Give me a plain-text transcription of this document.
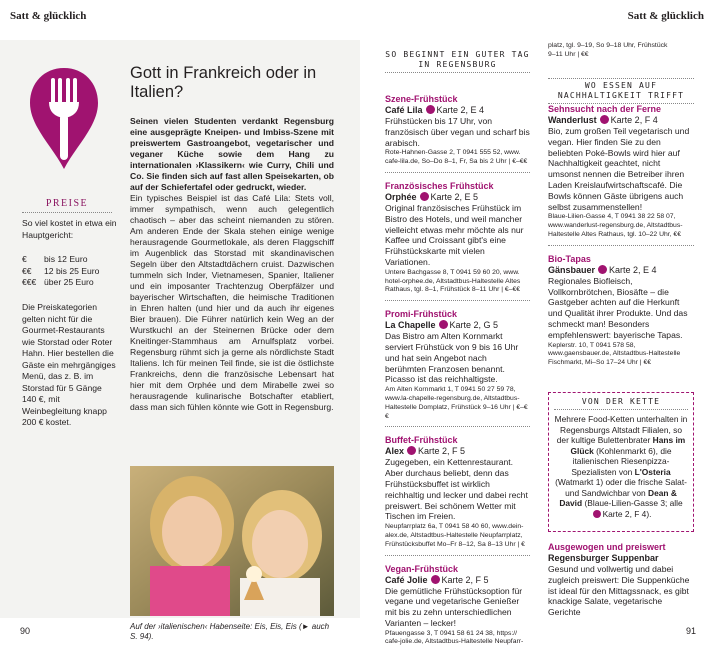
Satt & glücklich	Satt & glücklich
PREISE
So viel kostet in etwa ein Hauptgericht:
€	bis 12 Euro
€€	12 bis 25 Euro
€€€ über 25 Euro
Die Preiskategorien gelten nicht für die Gourmet-Restaurants wie Storstad oder Roter Hahn. Hier bestellen die Gäste ein mehrgängiges Menü, das z. B. im Storstad für 5 Gänge 140 €, mit Weinbegleitung knapp 200 € kostet.
Gott in Frankreich oder in Italien?
Seinen vielen Studenten verdankt Regensburg eine ausgeprägte Kneipen- und Imbiss-Szene mit preiswertem Gastroangebot, vegetarischer und veganer Küche sowie dem Hang zu internationalen ›Klassikern‹ wie Curry, Chili und Co. Sie finden sich auf fast allen Speisekarten, ob auf der Schiefertafel oder gedruckt, wieder.
Ein typisches Beispiel ist das Café Lila: Stets voll, immer sympathisch, wenn auch gelegentlich chaotisch – aber das scheint niemanden zu stören. Am anderen Ende der Skala stehen einige wenige herausragende Gourmetlokale, als deren Flaggschiff im Augenblick das Storstad mit skandinavischen Segeln über den Altstadtdächern cruist. Dazwischen tummeln sich Inder, Vietnamesen, Spanier, Italiener und ein imposanter Trachtenzug Oberpfälzer und bayerischer Wirtschaften, die heimische Traditionen in Ehren halten (und hier und da auch ihr eigenes Bier brauen). Die Führer natürlich kein Weg an der Wurstkuchl an der Steinernen Brücke oder dem Kneitinger-Stammhaus am Arnulfsplatz vorbei. Regensburg rühmt sich ja gerne als nördlichste Stadt Italiens. Ich für meinen Teil finde, sie ist die östlichste Frankreichs, denn die französische Lebensart hat hier mit dem Orphée und dem Mirabelle zwei so herausragende kulinarische Botschafter etabliert, dass man sich fühlen könnte wie Gott in Regensburg.
Auf der ›italienischen‹ Habenseite: Eis, Eis, Eis (► auch S. 94).
90	91
SO BEGINNT EIN GUTER TAG
IN REGENSBURG
Szene-Frühstück
Café Lila Karte 2, E 4
Frühstücken bis 17 Uhr, von französisch über vegan und scharf bis arabisch.
Rote-Hahnen-Gasse 2, T 0941 555 52, www. cafe-lila.de, So–Do 8–1, Fr, Sa bis 2 Uhr | €–€€
Französisches Frühstück
Orphée Karte 2, E 5
Original französisches Frühstück im Bistro des Hotels, und weil mancher vielleicht etwas mehr möchte als nur Kaffee und Croissant gibt's eine Frühstückskarte mit vielen Variationen.
Untere Bachgasse 8, T 0941 59 60 20, www. hotel-orphee.de, Altstadtbus-Haltestelle Altes Rathaus, tgl. 8–1, Frühstück 8–11 Uhr | €–€€
Promi-Frühstück
La Chapelle Karte 2, G 5
Das Bistro am Alten Kornmarkt serviert Frühstück von 9 bis 16 Uhr und hat sein Angebot nach berühmten Franzosen benannt. Picasso ist das reichhaltigste.
Am Alten Kornmarkt 1, T 0941 50 27 59 78, www.la-chapelle-regensburg.de, Altstadtbus-Haltestelle Domplatz, Frühstück 9–16 Uhr | €–€€
Buffet-Frühstück
Alex Karte 2, F 5
Zugegeben, ein Kettenrestaurant. Aber durchaus beliebt, denn das Frühstücksbuffet ist wirklich reichhaltig und lecker und dabei recht preiswert. Bei schönem Wetter mit Tischen im Freien.
Neupfarrplatz 6a, T 0941 58 40 60, www.dein-alex.de, Altstadtbus-Haltestelle Neupfarrplatz, Frühstücksbuffet Mo–Fr 8–12, Sa 8–13 Uhr | €
Vegan-Frühstück
Café Jolie Karte 2, F 5
Die gemütliche Frühstücksoption für vegane und vegetarische Genießer mit bis zu zehn unterschiedlichen Varianten – lecker!
Pfauengasse 3, T 0941 58 61 24 38, https:// cafe-jolie.de, Altstadtbus-Haltestelle Neupfarr-
platz, tgl. 9–19, So 9–18 Uhr, Frühstück
9–11 Uhr | €€
WO ESSEN AUF NACHHALTIGKEIT TRIFFT
Sehnsucht nach der Ferne
Wanderlust Karte 2, F 4
Bio, zum großen Teil vegetarisch und vegan. Hier finden Sie zu den beliebten Poké-Bowls wird hier auf Nachhaltigkeit geachtet, nicht umsonst nennen die Betreiber ihren Laden Kreislaufwirtschaftscafé. Die Bowls können Gäste übrigens auch selbst zusammenstellen!
Blaue-Lilien-Gasse 4, T 0941 38 22 58 07, www.wanderlust-regensburg.de, Altstadtbus-Haltestelle Altes Rathaus, tgl. 10–22 Uhr, €€
Bio-Tapas
Gänsbauer Karte 2, E 4
Regionales Biofleisch, Vollkornbrötchen, Biosäfte – die Gastgeber achten auf die Herkunft und Qualität ihrer Produkte. Und das schmeckt man! Besonders empfehlenswert: bayerische Tapas.
Keplerstr. 10, T 0941 578 58, www.gaensbauer.de, Altstadtbus-Haltestelle Fischmarkt, Mi–So 17–24 Uhr | €€
VON DER KETTE
Mehrere Food-Ketten unterhalten in Regensburgs Altstadt Filialen, so der kultige Bulettenbrater Hans im Glück (Kohlenmarkt 6), die italienischen Riesenpizza-Spezialisten von L'Osteria (Watmarkt 1) oder die frische Salat- und Sandwichbar von Dean & David (Blaue-Lilien-Gasse 3; alleKarte 2, F 4).
Ausgewogen und preiswert
Regensburger Suppenbar
Gesund und vollwertig und dabei zugleich preiswert: Die Suppenküche ist ideal für den Mittagssnack, es gibt knackige Salate, vegetarische Gerichte
